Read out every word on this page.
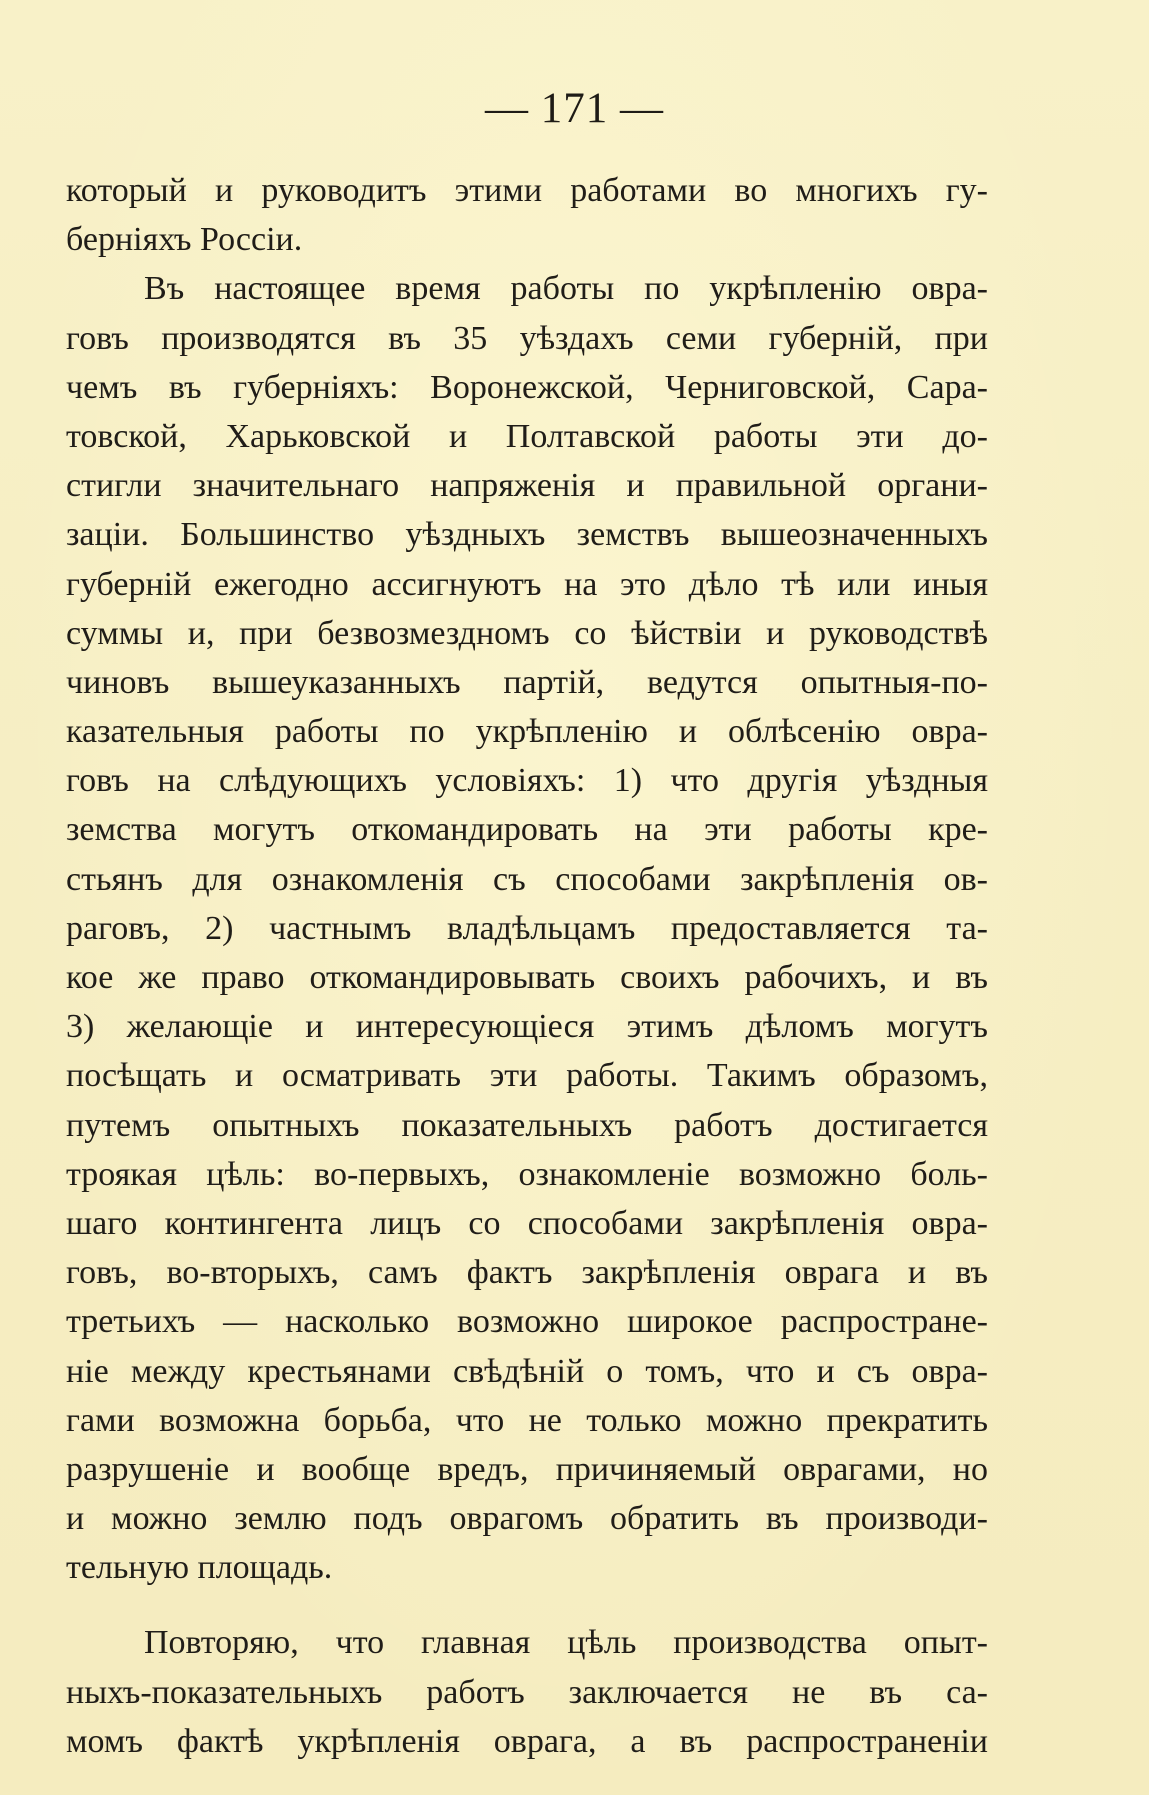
— 171 —
который и руководитъ этими работами во многихъ гу-
берніяхъ Россіи.
Въ настоящее время работы по укрѣпленію овра-
говъ производятся въ 35 уѣздахъ семи губерній, при
чемъ въ губерніяхъ: Воронежской, Черниговской, Сара-
товской, Харьковской и Полтавской работы эти до-
стигли значительнаго напряженія и правильной органи-
заціи. Большинство уѣздныхъ земствъ вышеозначенныхъ
губерній ежегодно ассигнуютъ на это дѣло тѣ или иныя
суммы и, при безвозмездномъ со ѣйствіи и руководствѣ
чиновъ вышеуказанныхъ партій, ведутся опытныя-по-
казательныя работы по укрѣпленію и облѣсенію овра-
говъ на слѣдующихъ условіяхъ: 1) что другія уѣздныя
земства могутъ откомандировать на эти работы кре-
стьянъ для ознакомленія съ способами закрѣпленія ов-
раговъ, 2) частнымъ владѣльцамъ предоставляется та-
кое же право откомандировывать своихъ рабочихъ, и въ
3) желающіе и интересующіеся этимъ дѣломъ могутъ
посѣщать и осматривать эти работы. Такимъ образомъ,
путемъ опытныхъ показательныхъ работъ достигается
троякая цѣль: во-первыхъ, ознакомленіе возможно боль-
шаго контингента лицъ со способами закрѣпленія овра-
говъ, во-вторыхъ, самъ фактъ закрѣпленія оврага и въ
третьихъ — насколько возможно широкое распростране-
ніе между крестьянами свѣдѣній о томъ, что и съ овра-
гами возможна борьба, что не только можно прекратить
разрушеніе и вообще вредъ, причиняемый оврагами, но
и можно землю подъ оврагомъ обратить въ производи-
тельную площадь.
Повторяю, что главная цѣль производства опыт-
ныхъ-показательныхъ работъ заключается не въ са-
момъ фактѣ укрѣпленія оврага, а въ распространеніи
